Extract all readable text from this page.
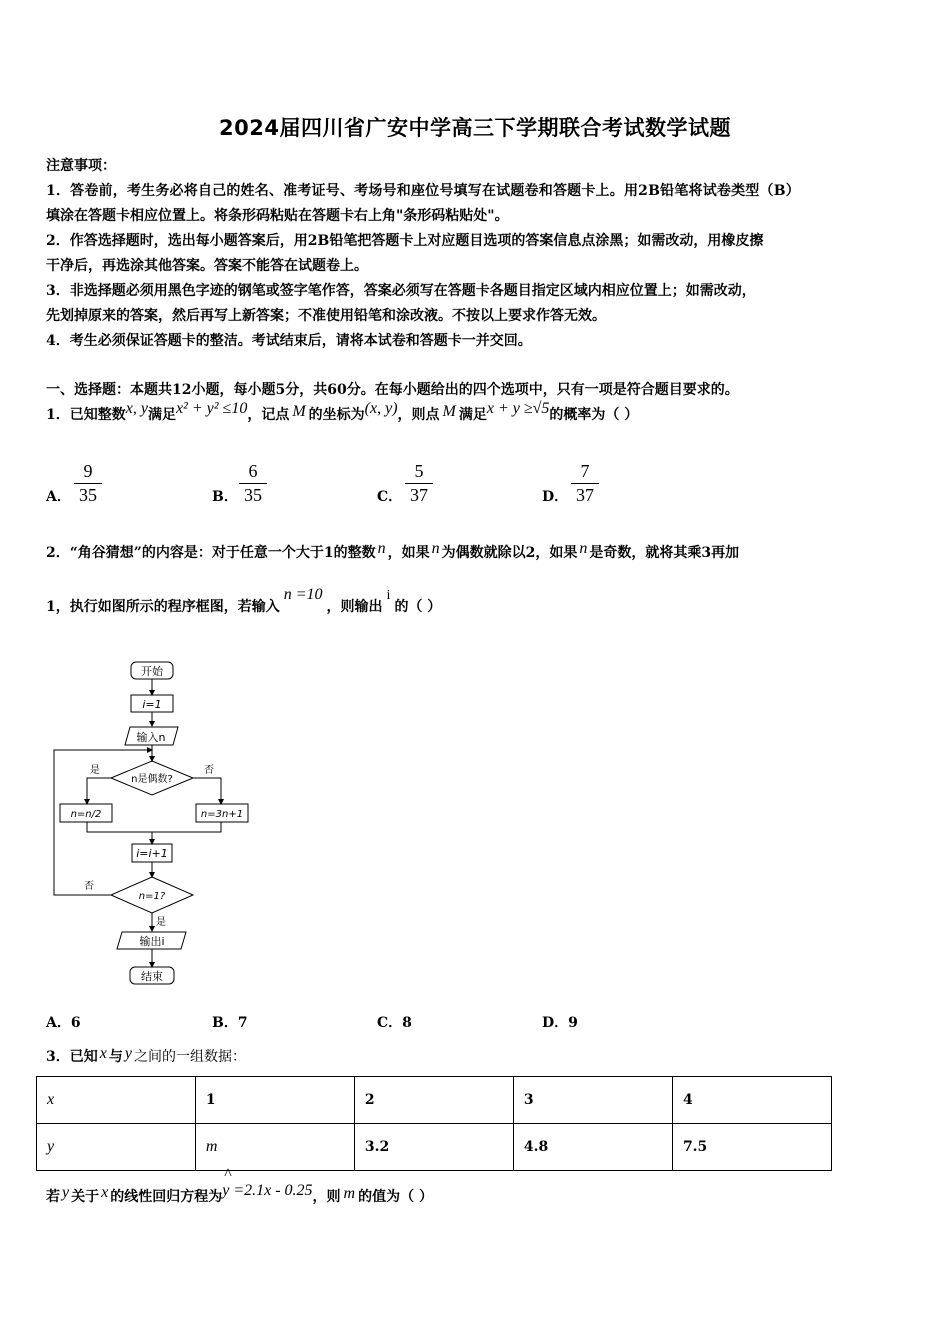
2024届四川省广安中学高三下学期联合考试数学试题
注意事项：
1．答卷前，考生务必将自己的姓名、准考证号、考场号和座位号填写在试题卷和答题卡上。用2B铅笔将试卷类型（B）
填涂在答题卡相应位置上。将条形码粘贴在答题卡右上角"条形码粘贴处"。
2．作答选择题时，选出每小题答案后，用2B铅笔把答题卡上对应题目选项的答案信息点涂黑；如需改动，用橡皮擦
干净后，再选涂其他答案。答案不能答在试题卷上。
3．非选择题必须用黑色字迹的钢笔或签字笔作答，答案必须写在答题卡各题目指定区域内相应位置上；如需改动，
先划掉原来的答案，然后再写上新答案；不准使用铅笔和涂改液。不按以上要求作答无效。
4．考生必须保证答题卡的整洁。考试结束后，请将本试卷和答题卡一并交回。
一、选择题：本题共12小题，每小题5分，共60分。在每小题给出的四个选项中，只有一项是符合题目要求的。
1．已知整数x, y满足x² + y² ≤10，记点 M 的坐标为(x, y)，则点 M 满足x + y ≥√5的概率为（ ）
A． $\frac{9}{35}$	B． $\frac{6}{35}$	C． $\frac{5}{37}$	D． $\frac{7}{37}$
2．“角谷猜想”的内容是：对于任意一个大于1的整数 n ，如果 n 为偶数就除以2，如果 n 是奇数，就将其乘3再加
1，执行如图所示的程序框图，若输入n =10，则输出i的（ ）
开始
i=1
输入n
n是偶数?
是	否
n=n/2	n=3n+1
i=i+1
n=1?
否
是
输出i
结束
A．6	B．7	C．8	D．9
3．已知 x 与 y 之间的一组数据：
x	1	2	3	4
y	m	3.2	4.8	7.5
若 y 关于 x 的线性回归方程为
^
y =2.1x - 0.25，则 m 的值为（ ）
